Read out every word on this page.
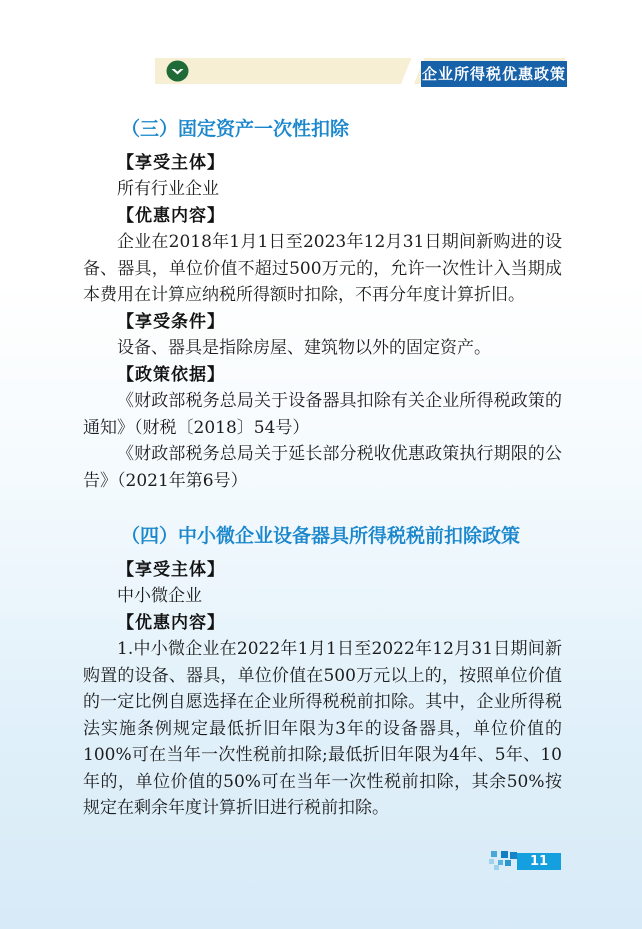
企业所得税优惠政策

（三）固定资产一次性扣除

【享受主体】

所有行业企业

【优惠内容】

企业在2018年1月1日至2023年12月31日期间新购进的设备、器具，单位价值不超过500万元的，允许一次性计入当期成本费用在计算应纳税所得额时扣除，不再分年度计算折旧。

【享受条件】

设备、器具是指除房屋、建筑物以外的固定资产。

【政策依据】

《财政部税务总局关于设备器具扣除有关企业所得税政策的通知》（财税〔2018〕54号）

《财政部税务总局关于延长部分税收优惠政策执行期限的公告》（2021年第6号）

（四）中小微企业设备器具所得税税前扣除政策

【享受主体】

中小微企业

【优惠内容】

1.中小微企业在2022年1月1日至2022年12月31日期间新购置的设备、器具，单位价值在500万元以上的，按照单位价值的一定比例自愿选择在企业所得税税前扣除。其中，企业所得税法实施条例规定最低折旧年限为3年的设备器具，单位价值的100%可在当年一次性税前扣除;最低折旧年限为4年、5年、10年的，单位价值的50%可在当年一次性税前扣除，其余50%按规定在剩余年度计算折旧进行税前扣除。

11
